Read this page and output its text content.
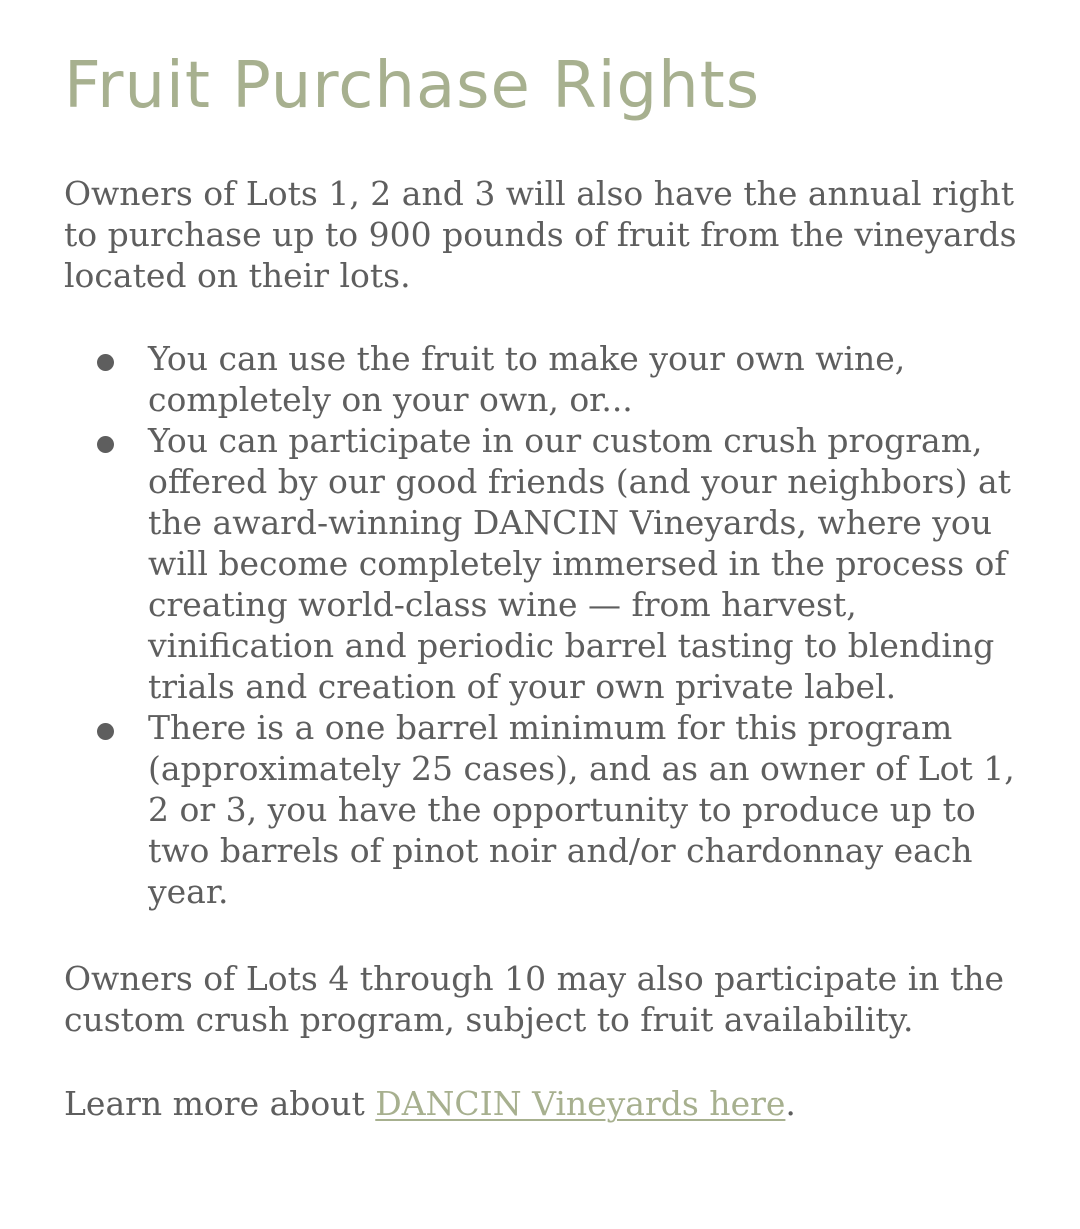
Fruit Purchase Rights

Owners of Lots 1, 2 and 3 will also have the annual right to purchase up to 900 pounds of fruit from the vineyards located on their lots.

You can use the fruit to make your own wine, completely on your own, or...
You can participate in our custom crush program, offered by our good friends (and your neighbors) at the award-winning DANCIN Vineyards, where you will become completely immersed in the process of creating world-class wine — from harvest, vinification and periodic barrel tasting to blending trials and creation of your own private label.
There is a one barrel minimum for this program (approximately 25 cases), and as an owner of Lot 1, 2 or 3, you have the opportunity to produce up to two barrels of pinot noir and/or chardonnay each year.

Owners of Lots 4 through 10 may also participate in the custom crush program, subject to fruit availability.

Learn more about DANCIN Vineyards here.
